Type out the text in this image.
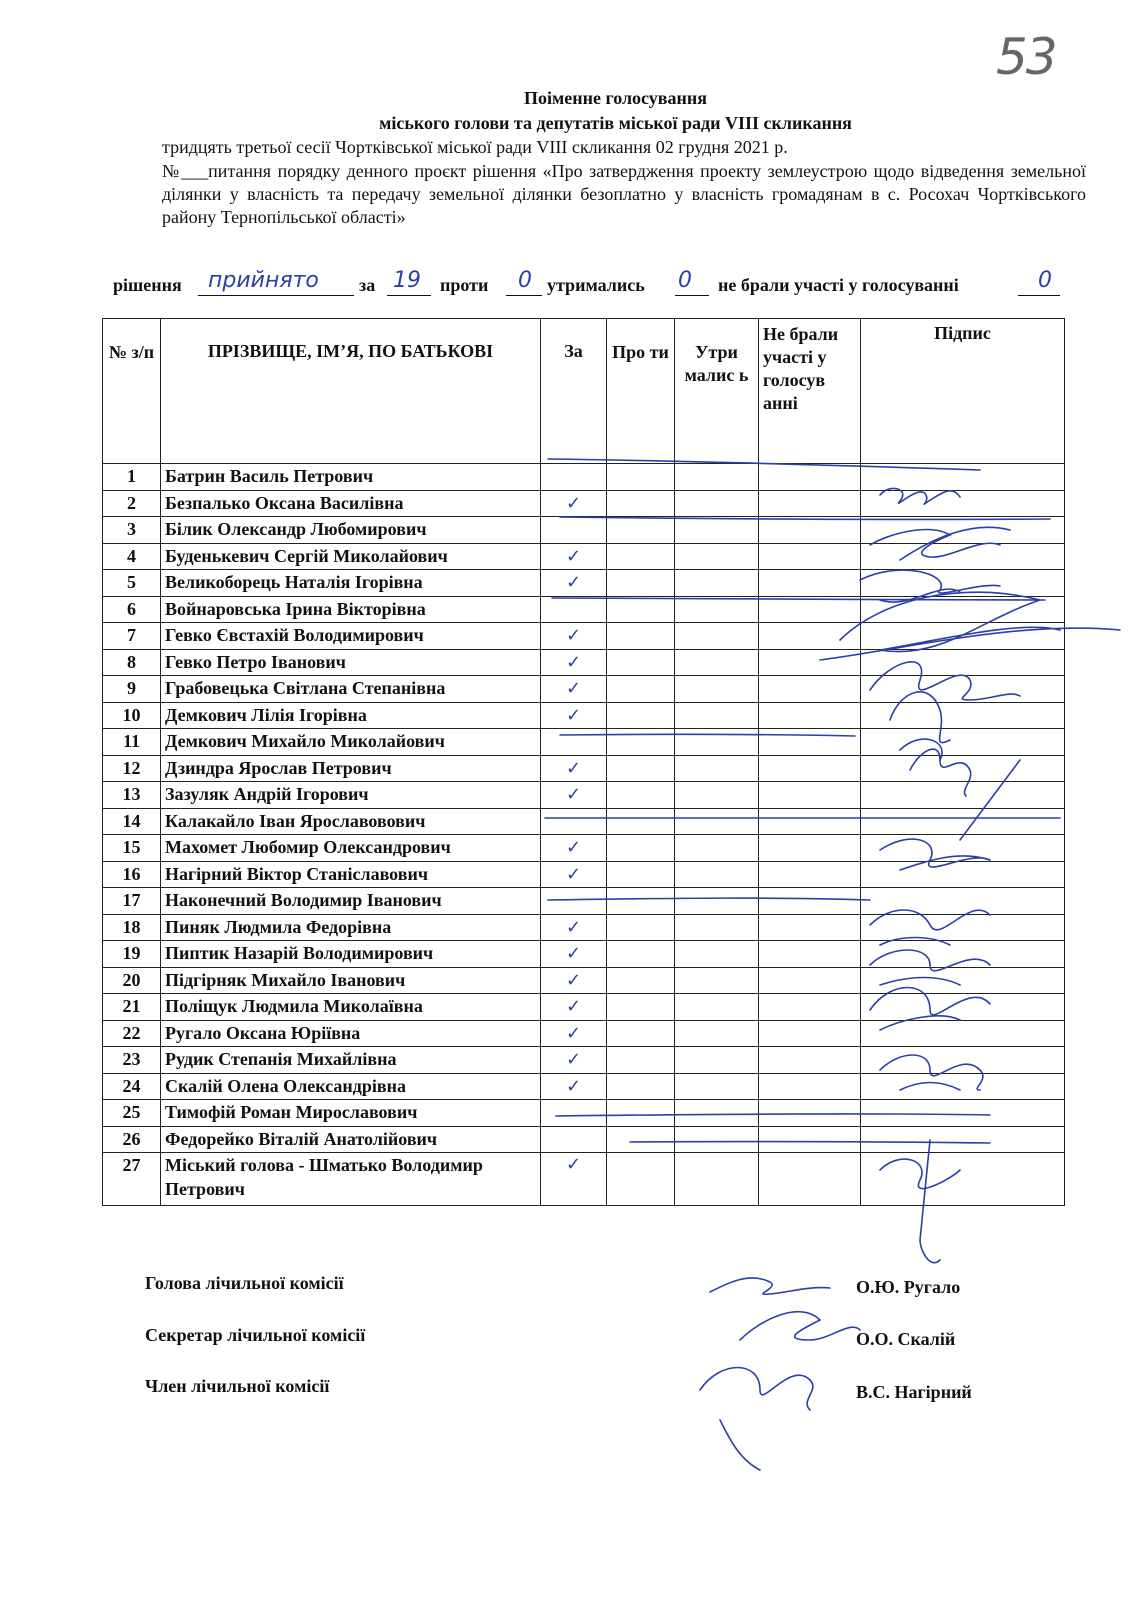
53
Поіменне голосування
міського голови та депутатів міської ради VIII скликання
тридцять третьої сесії Чортківської міської ради VIII скликання 02 грудня 2021 р.
№___питання порядку денного проєкт рішення «Про затвердження проекту землеустрою щодо відведення земельної ділянки у власність та передачу земельної ділянки безоплатно у власність громадянам в с. Росохач Чортківського району Тернопільської області»
рішення прийнято за 19 проти 0 утримались 0 не брали участі у голосуванні	0
№ з/п	ПРІЗВИЩЕ, ІМ’Я, ПО БАТЬКОВІ	За	Про ти	Утри малис ь	Не брали участі у голосув анні	Підпис
1	Батрин Василь Петрович					
2	Безпалько Оксана Василівна	✓				
3	Білик Олександр Любомирович					
4	Буденькевич Сергій Миколайович	✓				
5	Великоборець Наталія Ігорівна	✓				
6	Войнаровська Ірина Вікторівна					
7	Гевко Євстахій Володимирович	✓				
8	Гевко Петро Іванович	✓				
9	Грабовецька Світлана Степанівна	✓				
10	Демкович Лілія Ігорівна	✓				
11	Демкович Михайло Миколайович					
12	Дзиндра Ярослав Петрович	✓				
13	Зазуляк Андрій Ігорович	✓				
14	Калакайло Іван Ярославовович					
15	Махомет Любомир Олександрович	✓				
16	Нагірний Віктор Станіславович	✓				
17	Наконечний Володимир Іванович					
18	Пиняк Людмила Федорівна	✓				
19	Пиптик Назарій Володимирович	✓				
20	Підгірняк Михайло Іванович	✓				
21	Поліщук Людмила Миколаївна	✓				
22	Ругало Оксана Юріївна	✓				
23	Рудик Степанія Михайлівна	✓				
24	Скалій Олена Олександрівна	✓				
25	Тимофій Роман Мирославович					
26	Федорейко Віталій Анатолійович					
27	Міський голова - Шматько Володимир Петрович	✓				
Голова лічильної комісії
Секретар лічильної комісії
Член лічильної комісії
О.Ю. Ругало
О.О. Скалій
В.С. Нагірний
